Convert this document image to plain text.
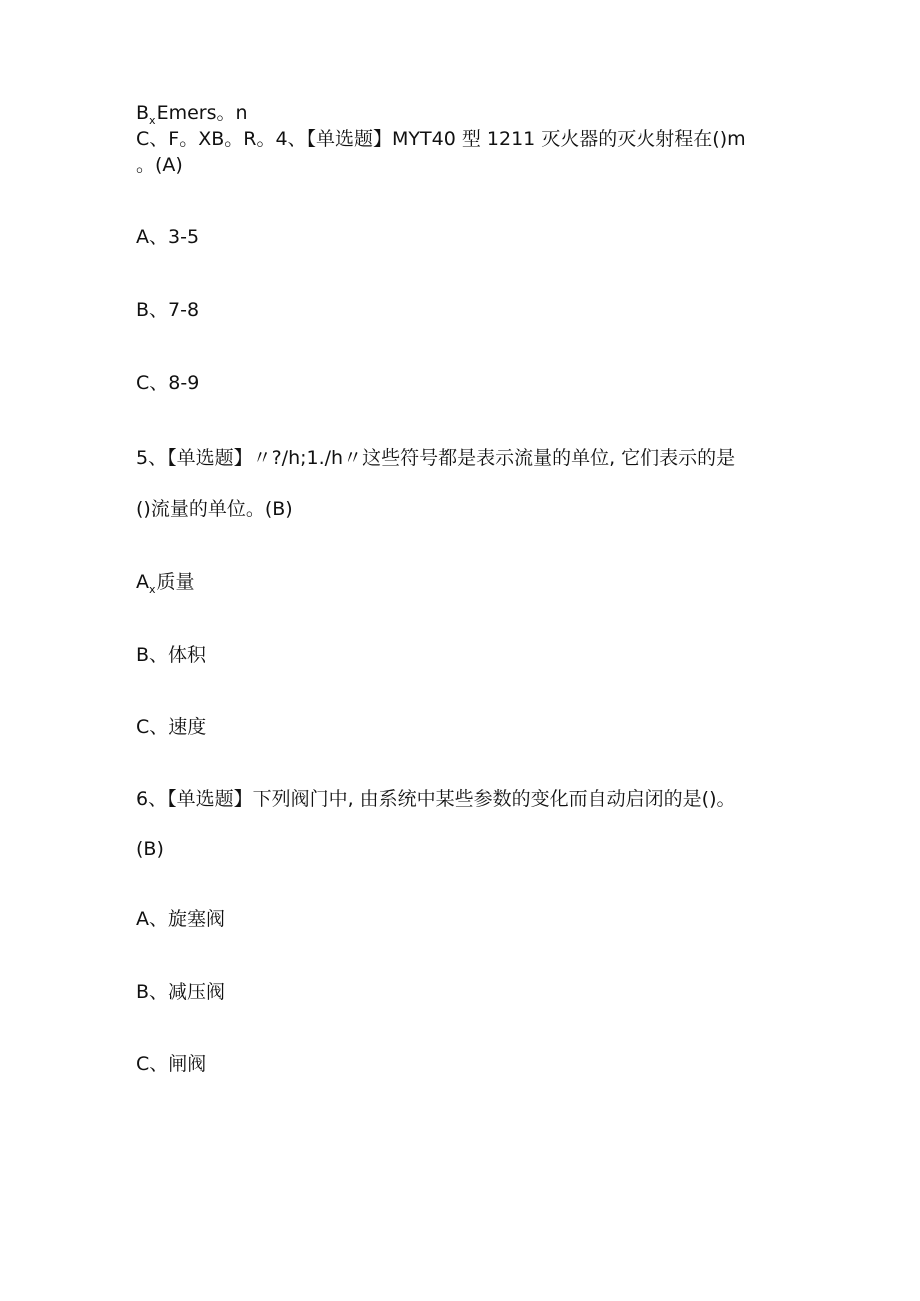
$B_xEmers$。n
C、F。XB。R。4、【单选题】MYT40 型 1211 灭火器的灭火射程在()m
。(A)
A、3-5
B、7-8
C、8-9
5、【单选题】〃?/h;1./h〃这些符号都是表示流量的单位, 它们表示的是
()流量的单位。(B)
$A_x$质量
B、体积
C、速度
6、【单选题】下列阀门中, 由系统中某些参数的变化而自动启闭的是()。
(B)
A、旋塞阀
B、减压阀
C、闸阀
